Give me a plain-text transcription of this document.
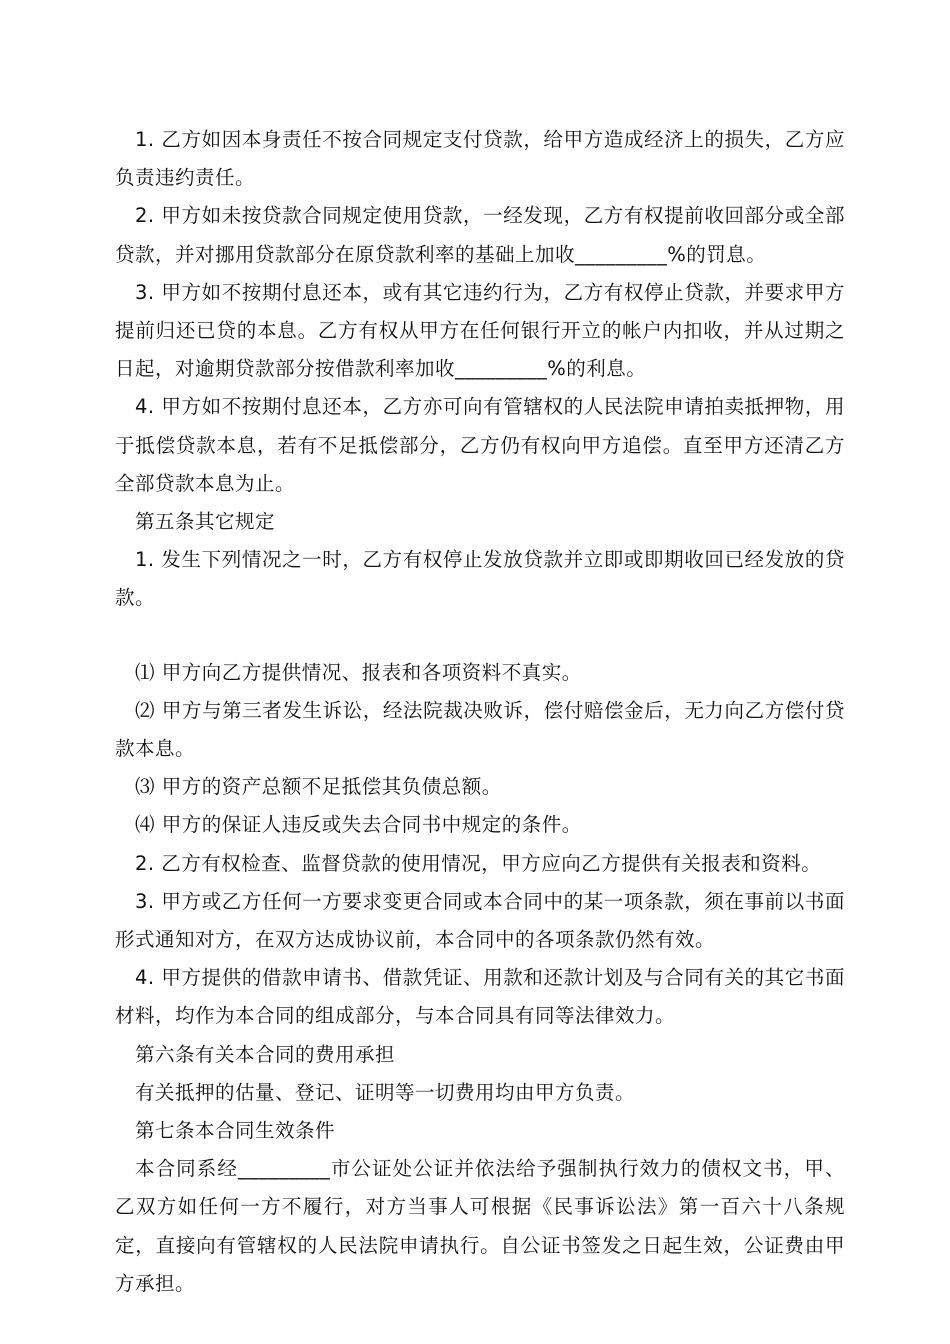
1. 乙方如因本身责任不按合同规定支付贷款，给甲方造成经济上的损失，乙方应负责违约责任。

2. 甲方如未按贷款合同规定使用贷款，一经发现，乙方有权提前收回部分或全部贷款，并对挪用贷款部分在原贷款利率的基础上加收_________%的罚息。

3. 甲方如不按期付息还本，或有其它违约行为，乙方有权停止贷款，并要求甲方提前归还已贷的本息。乙方有权从甲方在任何银行开立的帐户内扣收，并从过期之日起，对逾期贷款部分按借款利率加收_________%的利息。

4. 甲方如不按期付息还本，乙方亦可向有管辖权的人民法院申请拍卖抵押物，用于抵偿贷款本息，若有不足抵偿部分，乙方仍有权向甲方追偿。直至甲方还清乙方全部贷款本息为止。

第五条其它规定

1. 发生下列情况之一时，乙方有权停止发放贷款并立即或即期收回已经发放的贷款。

⑴ 甲方向乙方提供情况、报表和各项资料不真实。

⑵ 甲方与第三者发生诉讼，经法院裁决败诉，偿付赔偿金后，无力向乙方偿付贷款本息。

⑶ 甲方的资产总额不足抵偿其负债总额。

⑷ 甲方的保证人违反或失去合同书中规定的条件。

2. 乙方有权检查、监督贷款的使用情况，甲方应向乙方提供有关报表和资料。

3. 甲方或乙方任何一方要求变更合同或本合同中的某一项条款，须在事前以书面形式通知对方，在双方达成协议前，本合同中的各项条款仍然有效。

4. 甲方提供的借款申请书、借款凭证、用款和还款计划及与合同有关的其它书面材料，均作为本合同的组成部分，与本合同具有同等法律效力。

第六条有关本合同的费用承担

有关抵押的估量、登记、证明等一切费用均由甲方负责。

第七条本合同生效条件

本合同系经_________市公证处公证并依法给予强制执行效力的债权文书，甲、乙双方如任何一方不履行，对方当事人可根据《民事诉讼法》第一百六十八条规定，直接向有管辖权的人民法院申请执行。自公证书签发之日起生效，公证费由甲方承担。
